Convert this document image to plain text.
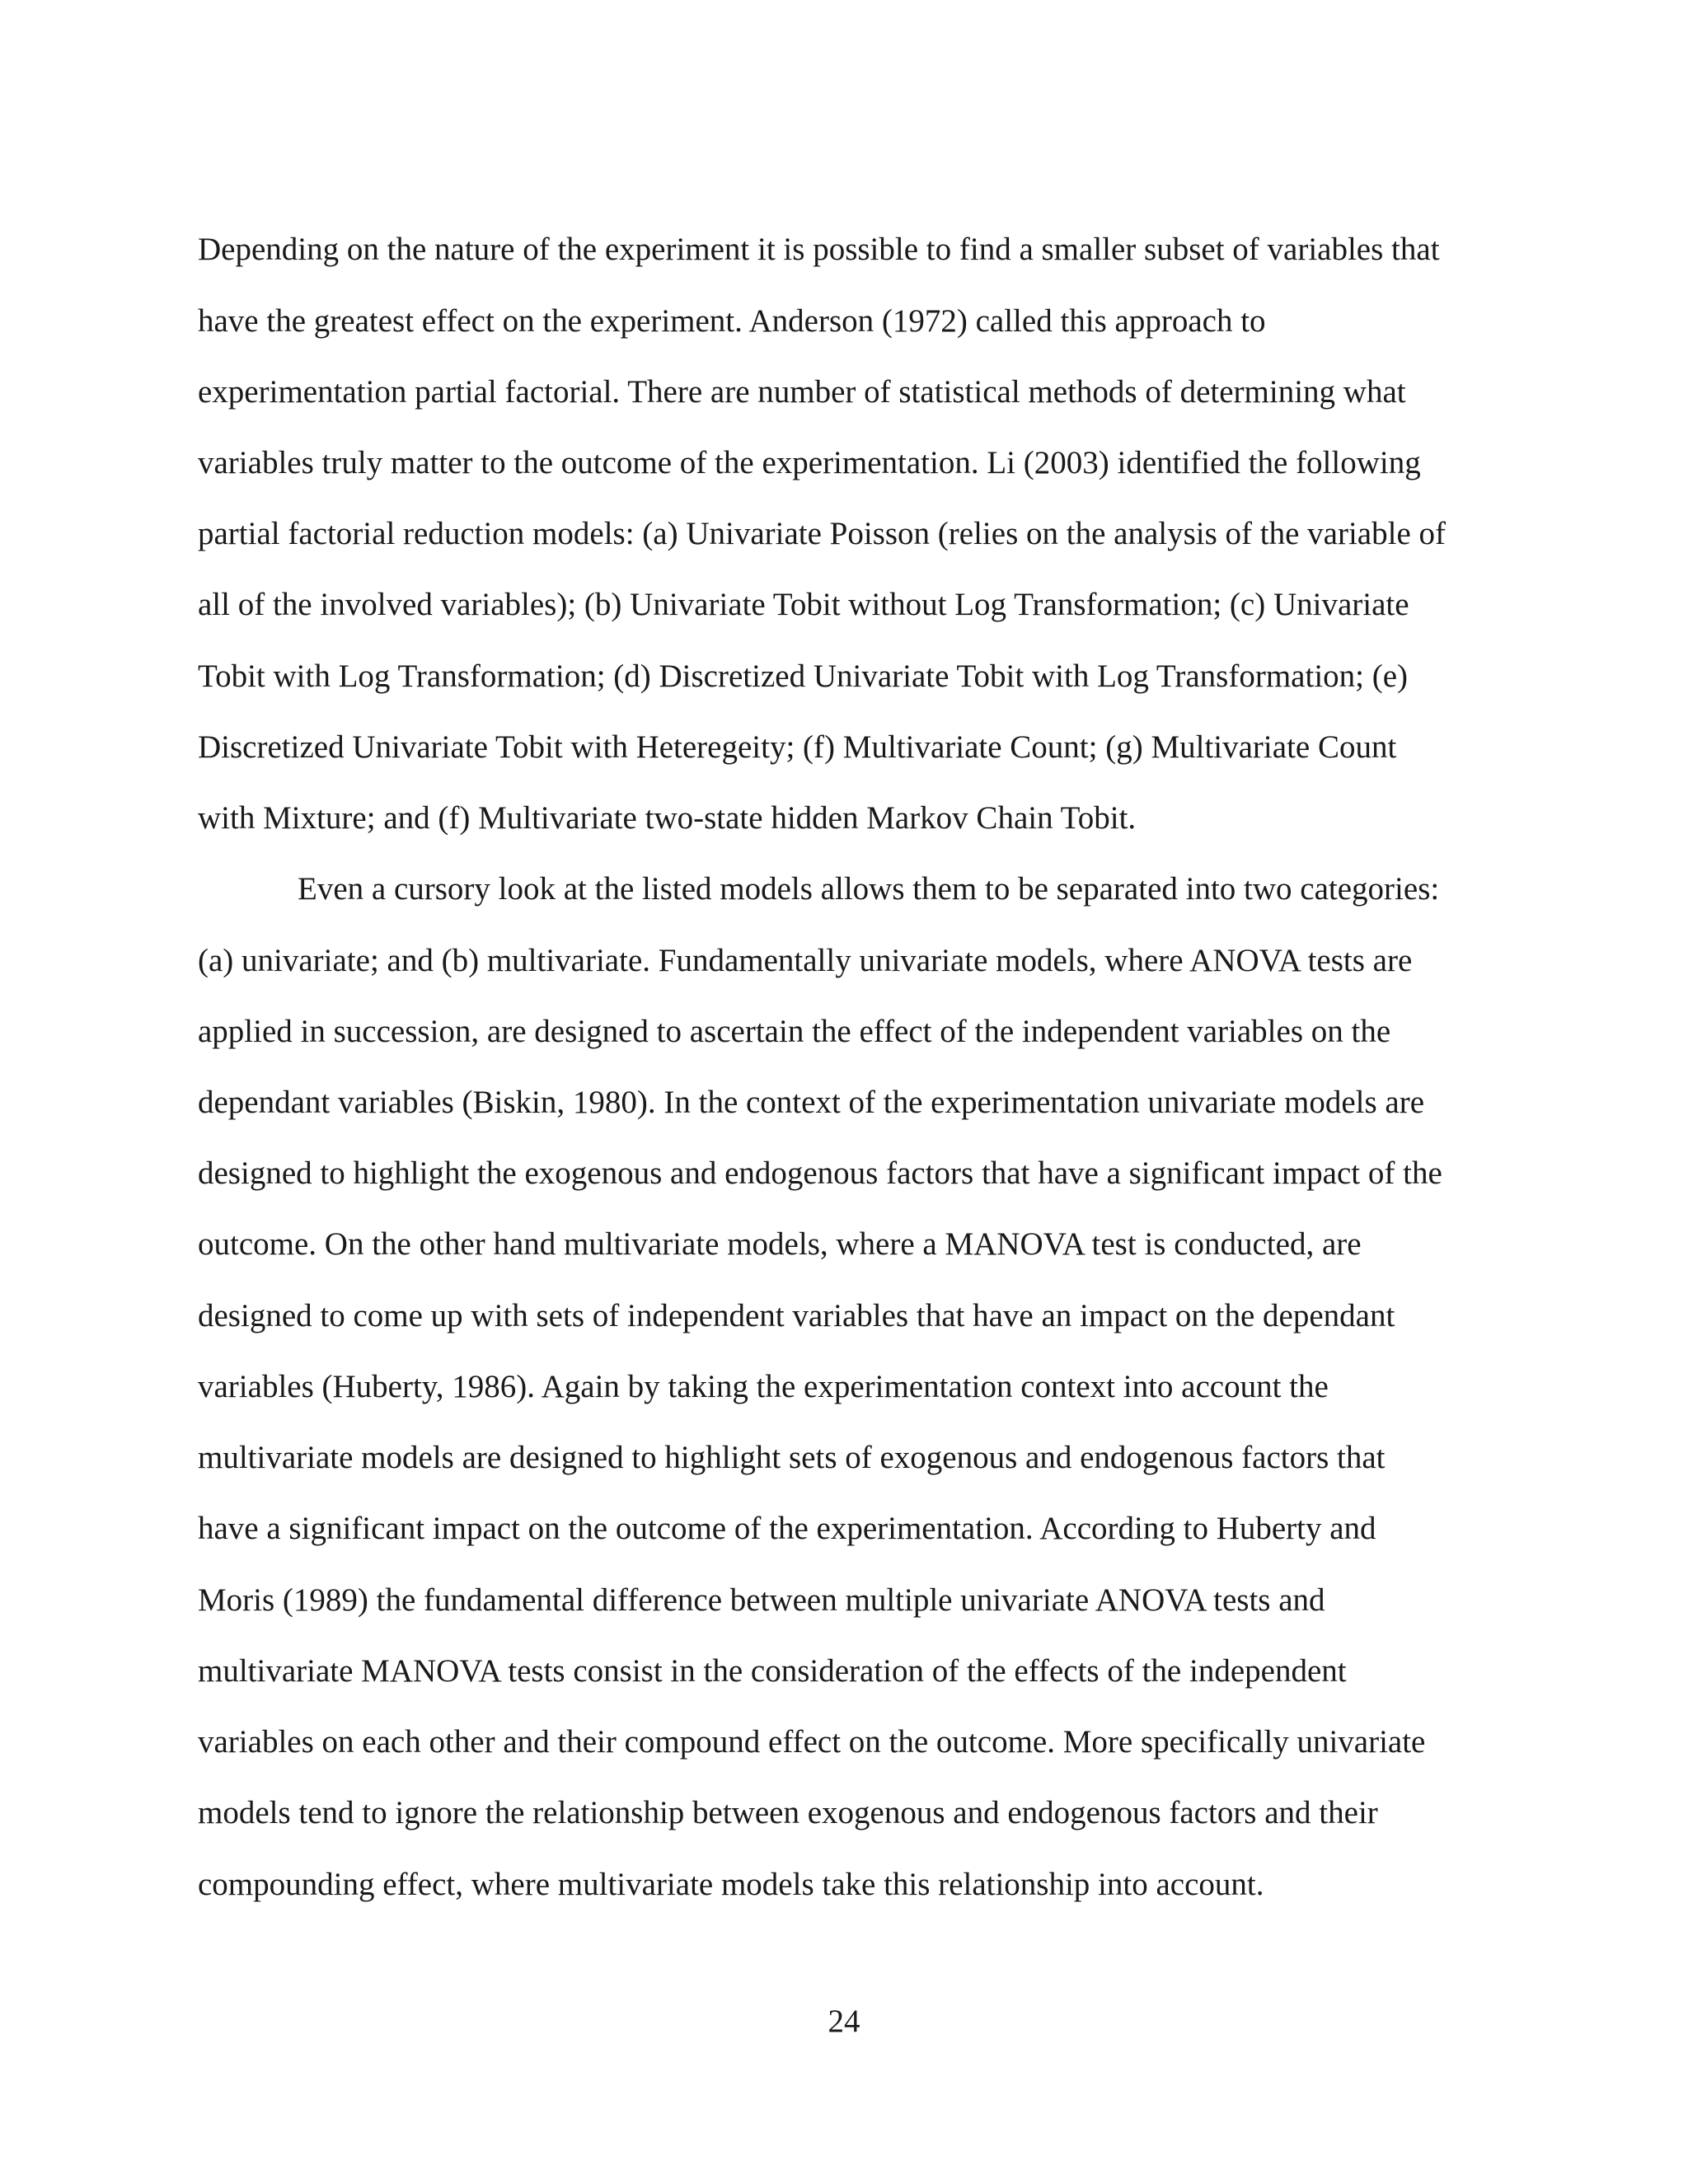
Depending on the nature of the experiment it is possible to find a smaller subset of variables that

have the greatest effect on the experiment. Anderson (1972) called this approach to

experimentation partial factorial. There are number of statistical methods of determining what

variables truly matter to the outcome of the experimentation. Li (2003) identified the following

partial factorial reduction models: (a) Univariate Poisson (relies on the analysis of the variable of

all of the involved variables); (b) Univariate Tobit without Log Transformation; (c) Univariate

Tobit with Log Transformation; (d) Discretized Univariate Tobit with Log Transformation; (e)

Discretized Univariate Tobit with Heteregeity; (f) Multivariate Count; (g) Multivariate Count

with Mixture; and (f) Multivariate two-state hidden Markov Chain Tobit.

Even a cursory look at the listed models allows them to be separated into two categories:

(a) univariate; and (b) multivariate. Fundamentally univariate models, where ANOVA tests are

applied in succession, are designed to ascertain the effect of the independent variables on the

dependant variables (Biskin, 1980). In the context of the experimentation univariate models are

designed to highlight the exogenous and endogenous factors that have a significant impact of the

outcome. On the other hand multivariate models, where a MANOVA test is conducted, are

designed to come up with sets of independent variables that have an impact on the dependant

variables (Huberty, 1986). Again by taking the experimentation context into account the

multivariate models are designed to highlight sets of exogenous and endogenous factors that

have a significant impact on the outcome of the experimentation. According to Huberty and

Moris (1989) the fundamental difference between multiple univariate ANOVA tests and

multivariate MANOVA tests consist in the consideration of the effects of the independent

variables on each other and their compound effect on the outcome. More specifically univariate

models tend to ignore the relationship between exogenous and endogenous factors and their

compounding effect, where multivariate models take this relationship into account.

24
